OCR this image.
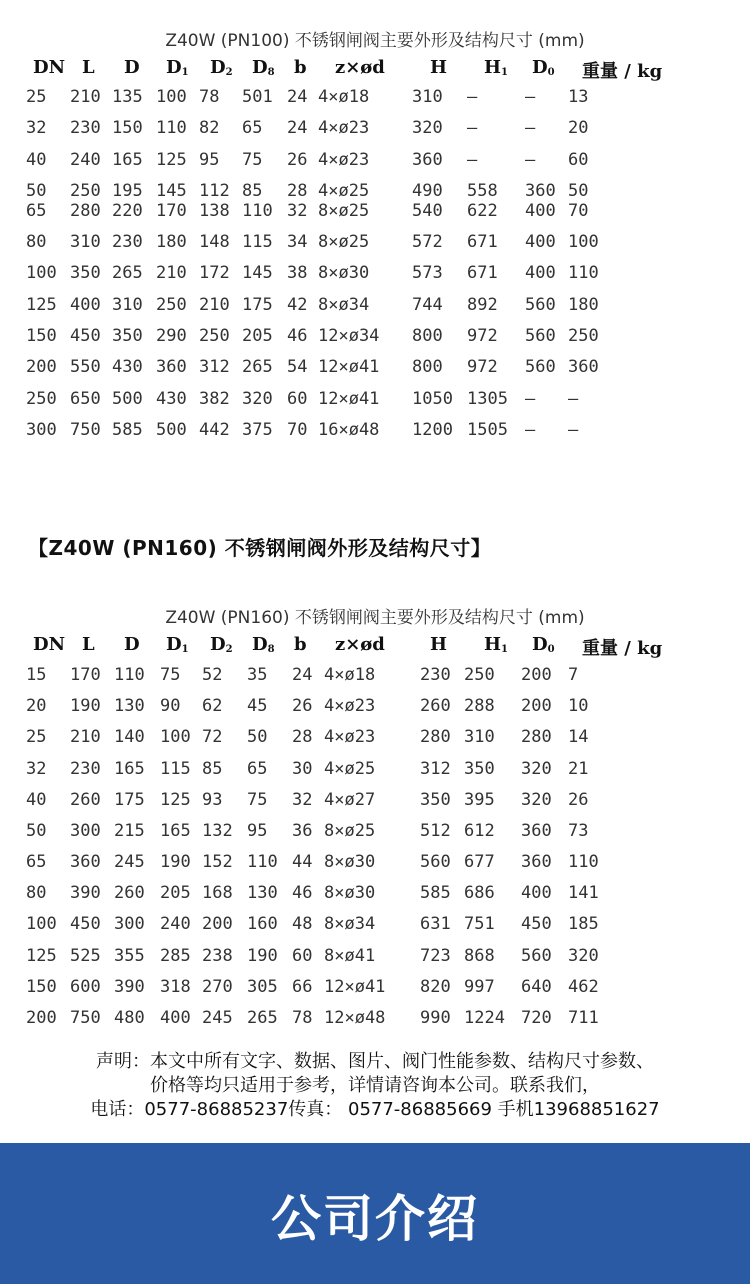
Z40W (PN100) 不锈钢闸阀主要外形及结构尺寸 (mm)
DN L D $D_1$ $D_2$ $D_8$ b z×ød	H $H_1$ $D_0$ 重量 / kg
25 210 135 100 78 501 24 4×ø18	310 —	— 13
32 230 150 110 82 65 24 4×ø23	320 —	— 20
40 240 165 125 95 75 26 4×ø23	360 —	— 60
50 250 195 145 112 85 28 4×ø25	490 558 360 50
65 280 220 170 138 110 32 8×ø25	540 622 400 70
80 310 230 180 148 115 34 8×ø25	572 671 400 100
100 350 265 210 172 145 38 8×ø30	573 671 400 110
125 400 310 250 210 175 42 8×ø34	744 892 560 180
150 450 350 290 250 205 46 12×ø34 800 972 560 250
200 550 430 360 312 265 54 12×ø41 800 972 560 360
250 650 500 430 382 320 60 12×ø41 1050 1305 — —
300 750 585 500 442 375 70 16×ø48 1200 1505 — —
【Z40W (PN160) 不锈钢闸阀外形及结构尺寸】
Z40W (PN160) 不锈钢闸阀主要外形及结构尺寸 (mm)
DN L D $D_1$ $D_2$ $D_8$ b z×ød	H $H_1$ $D_0$ 重量 / kg
15 170 110 75 52 35 24 4×ø18	230 250 200 7
20 190 130 90 62 45 26 4×ø23	260 288 200 10
25 210 140 100 72 50 28 4×ø23	280 310 280 14
32 230 165 115 85 65 30 4×ø25	312 350 320 21
40 260 175 125 93 75 32 4×ø27	350 395 320 26
50 300 215 165 132 95 36 8×ø25	512 612 360 73
65 360 245 190 152 110 44 8×ø30	560 677 360 110
80 390 260 205 168 130 46 8×ø30	585 686 400 141
100 450 300 240 200 160 48 8×ø34	631 751 450 185
125 525 355 285 238 190 60 8×ø41	723 868 560 320
150 600 390 318 270 305 66 12×ø41 820 997 640 462
200 750 480 400 245 265 78 12×ø48 990 1224 720 711
声明：本文中所有文字、数据、图片、阀门性能参数、结构尺寸参数、
价格等均只适用于参考，详情请咨询本公司。联系我们，
电话：0577-86885237传真： 0577-86885669 手机13968851627
公司介绍
